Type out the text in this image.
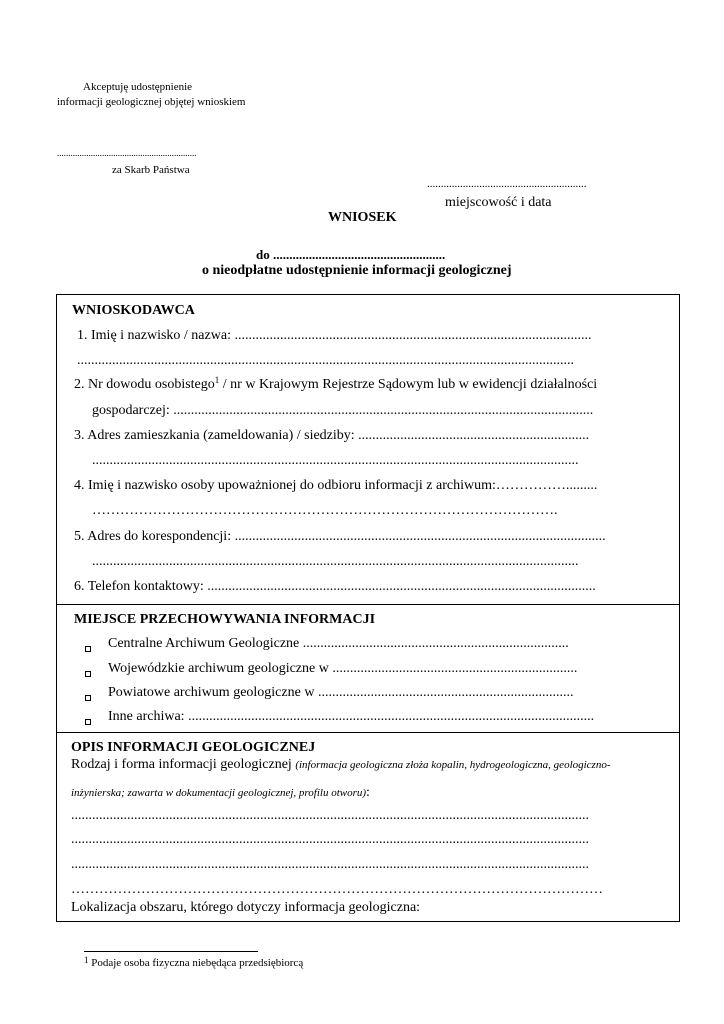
Akceptuję udostępnienie
informacji geologicznej objętej wnioskiem
..............................................................
za Skarb Państwa
..........................................................
miejscowość i data
WNIOSEK
do .....................................................
o nieodpłatne udostępnienie informacji geologicznej
WNIOSKODAWCA
1. Imię i nazwisko / nazwa: ......................................................................................................
..............................................................................................................................................
2. Nr dowodu osobistego$^1$ / nr w Krajowym Rejestrze Sądowym lub w ewidencji działalności
gospodarczej: ........................................................................................................................
3. Adres zamieszkania (zameldowania) / siedziby: ..................................................................
...........................................................................................................................................
4. Imię i nazwisko osoby upoważnionej do odbioru informacji z archiwum:…………….........
……………………………………………………………………………………….
5. Adres do korespondencji: ..........................................................................................................
...........................................................................................................................................
6. Telefon kontaktowy: ...............................................................................................................
MIEJSCE PRZECHOWYWANIA INFORMACJI
Centralne Archiwum Geologiczne ............................................................................
Wojewódzkie archiwum geologiczne w ......................................................................
Powiatowe archiwum geologiczne w .........................................................................
Inne archiwa: ....................................................................................................................
OPIS INFORMACJI GEOLOGICZNEJ
Rodzaj i forma informacji geologicznej (informacja geologiczna złoża kopalin, hydrogeologiczna, geologiczno-
inżynierska; zawarta w dokumentacji geologicznej, profilu otworu):
....................................................................................................................................................
....................................................................................................................................................
....................................................................................................................................................
……………………………………………………………………………………………………
Lokalizacja obszaru, którego dotyczy informacja geologiczna:
$^1$ Podaje osoba fizyczna niebędąca przedsiębiorcą
